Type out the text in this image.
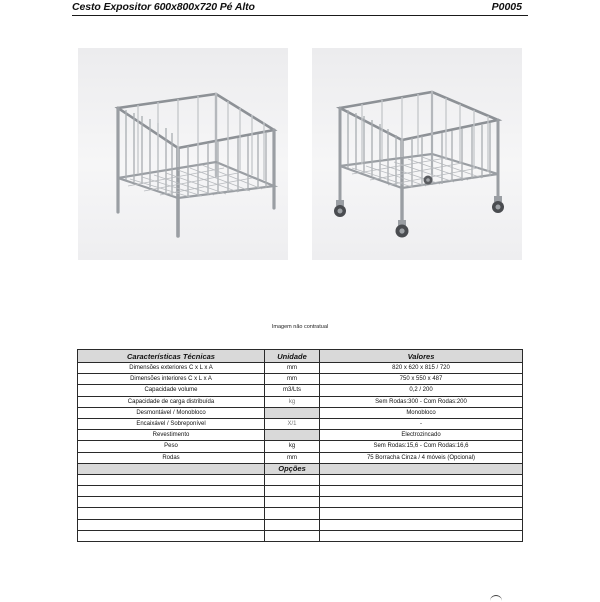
Cesto Expositor 600x800x720 Pé Alto	P0005
Imagem não contratual
Características Técnicas	Unidade	Valores
Dimensões exteriores C x L x A	mm	820 x 620 x 815 / 720
Dimensões interiores C x L x A	mm	750 x 550 x 487
Capacidade volume	m3/Lts	0,2 / 200
Capacidade de carga distribuída	kg	Sem Rodas:300 - Com Rodas:200
Desmontável / Monobloco		Monobloco
Encaixável / Sobreponível	X/1	-
Revestimento		Electrozincado
Peso	kg	Sem Rodas:15,6 - Com Rodas:16,6
Rodas	mm	75 Borracha Cinza / 4 móveis (Opcional)
	Opções	
